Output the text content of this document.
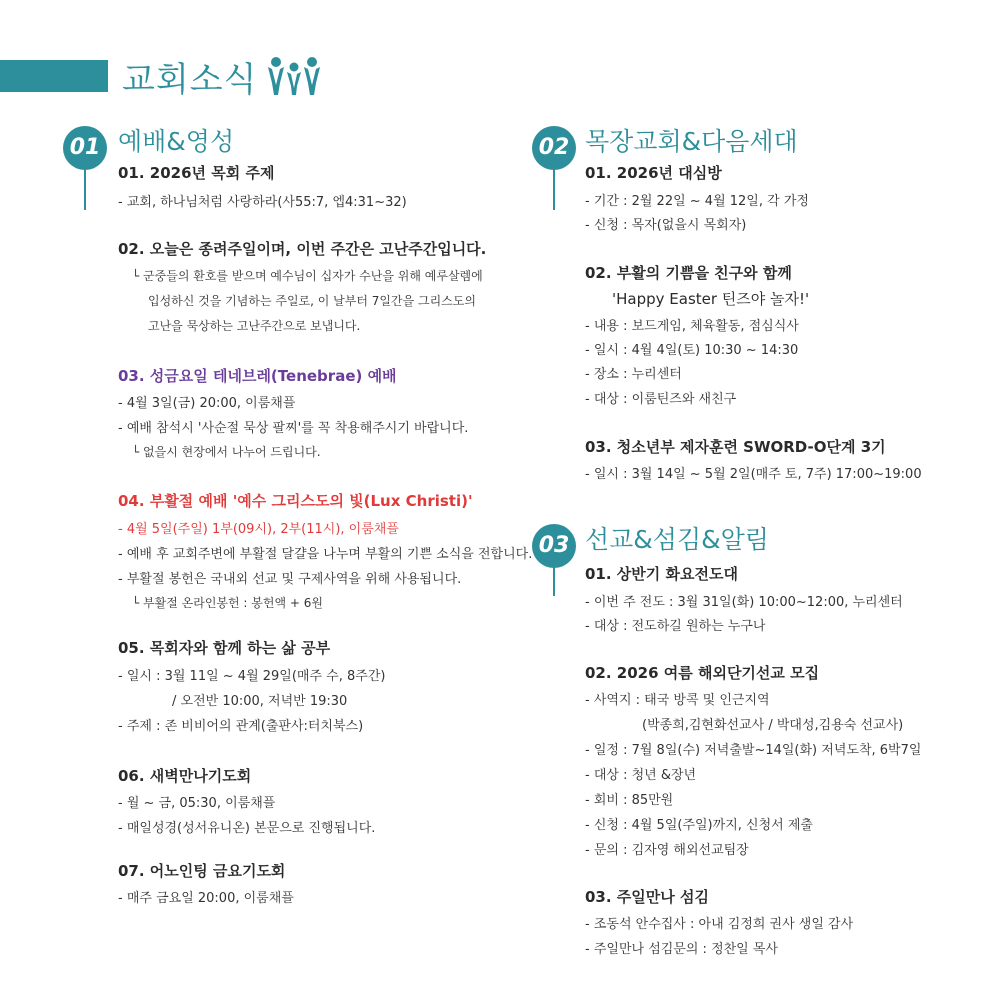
교회소식
01 예배&영성
01. 2026년 목회 주제
- 교회, 하나님처럼 사랑하라(사55:7, 엡4:31~32)
02. 오늘은 종려주일이며, 이번 주간은 고난주간입니다.
└ 군중들의 환호를 받으며 예수님이 십자가 수난을 위해 예루살렘에
입성하신 것을 기념하는 주일로, 이 날부터 7일간을 그리스도의
고난을 묵상하는 고난주간으로 보냅니다.
03. 성금요일 테네브레(Tenebrae) 예배
- 4월 3일(금) 20:00, 이룸채플
- 예배 참석시 '사순절 묵상 팔찌'를 꼭 착용해주시기 바랍니다.
└ 없을시 현장에서 나누어 드립니다.
04. 부활절 예배 '예수 그리스도의 빛(Lux Christi)'
- 4월 5일(주일) 1부(09시), 2부(11시), 이룸채플
- 예배 후 교회주변에 부활절 달걀을 나누며 부활의 기쁜 소식을 전합니다.
- 부활절 봉헌은 국내외 선교 및 구제사역을 위해 사용됩니다.
└ 부활절 온라인봉헌 : 봉헌액 + 6원
05. 목회자와 함께 하는 삶 공부
- 일시 : 3월 11일 ~ 4월 29일(매주 수, 8주간)
/ 오전반 10:00, 저녁반 19:30
- 주제 : 존 비비어의 관계(출판사:터치북스)
06. 새벽만나기도회
- 월 ~ 금, 05:30, 이룸채플
- 매일성경(성서유니온) 본문으로 진행됩니다.
07. 어노인팅 금요기도회
- 매주 금요일 20:00, 이룸채플
02 목장교회&다음세대
01. 2026년 대심방
- 기간 : 2월 22일 ~ 4월 12일, 각 가정
- 신청 : 목자(없을시 목회자)
02. 부활의 기쁨을 친구와 함께
'Happy Easter 틴즈야 놀자!'
- 내용 : 보드게임, 체육활동, 점심식사
- 일시 : 4월 4일(토) 10:30 ~ 14:30
- 장소 : 누리센터
- 대상 : 이룸틴즈와 새친구
03. 청소년부 제자훈련 SWORD-O단계 3기
- 일시 : 3월 14일 ~ 5월 2일(매주 토, 7주) 17:00~19:00
03 선교&섬김&알림
01. 상반기 화요전도대
- 이번 주 전도 : 3월 31일(화) 10:00~12:00, 누리센터
- 대상 : 전도하길 원하는 누구나
02. 2026 여름 해외단기선교 모집
- 사역지 : 태국 방콕 및 인근지역
(박종희,김현화선교사 / 박대성,김용숙 선교사)
- 일정 : 7월 8일(수) 저녁출발~14일(화) 저녁도착, 6박7일
- 대상 : 청년 &장년
- 회비 : 85만원
- 신청 : 4월 5일(주일)까지, 신청서 제출
- 문의 : 김자영 해외선교팀장
03. 주일만나 섬김
- 조동석 안수집사 : 아내 김정희 권사 생일 감사
- 주일만나 섬김문의 : 정찬일 목사
